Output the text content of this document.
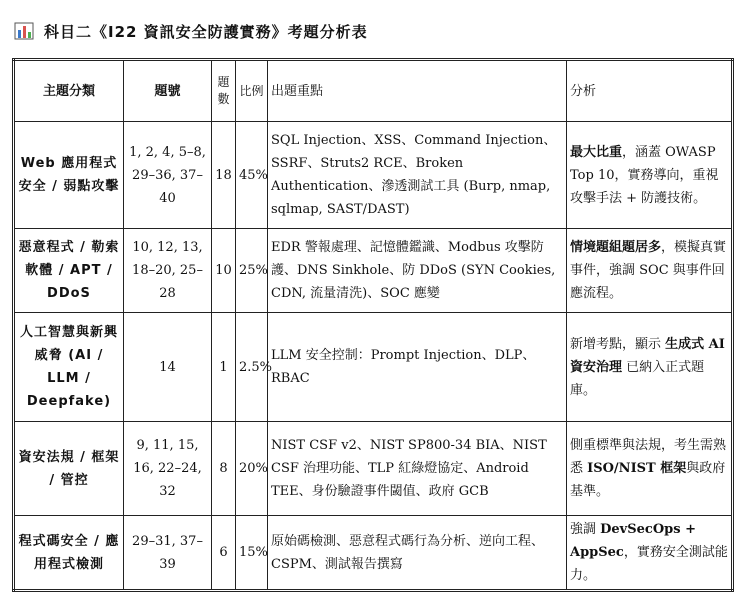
科目二《I22 資訊安全防護實務》考題分析表
主題分類	題號	題數	比例	出題重點	分析
Web 應用程式安全 / 弱點攻擊	1, 2, 4, 5–8, 29–36, 37–40	18	45%	SQL Injection、XSS、Command Injection、SSRF、Struts2 RCE、Broken Authentication、滲透測試工具 (Burp, nmap, sqlmap, SAST/DAST)	最大比重，涵蓋 OWASP Top 10，實務導向，重視攻擊手法 + 防護技術。
惡意程式 / 勒索軟體 / APT / DDoS	10, 12, 13, 18–20, 25–28	10	25%	EDR 警報處理、記憶體鑑識、Modbus 攻擊防護、DNS Sinkhole、防 DDoS (SYN Cookies, CDN, 流量清洗)、SOC 應變	情境題組題居多，模擬真實事件，強調 SOC 與事件回應流程。
人工智慧與新興威脅 (AI / LLM / Deepfake)	14	1	2.5%	LLM 安全控制：Prompt Injection、DLP、RBAC	新增考點，顯示 生成式 AI 資安治理 已納入正式題庫。
資安法規 / 框架 / 管控	9, 11, 15, 16, 22–24, 32	8	20%	NIST CSF v2、NIST SP800-34 BIA、NIST CSF 治理功能、TLP 紅綠燈協定、Android TEE、身份驗證事件閾值、政府 GCB	側重標準與法規，考生需熟悉 ISO/NIST 框架與政府基準。
程式碼安全 / 應用程式檢測	29–31, 37–39	6	15%	原始碼檢測、惡意程式碼行為分析、逆向工程、CSPM、測試報告撰寫	強調 DevSecOps + AppSec，實務安全測試能力。
